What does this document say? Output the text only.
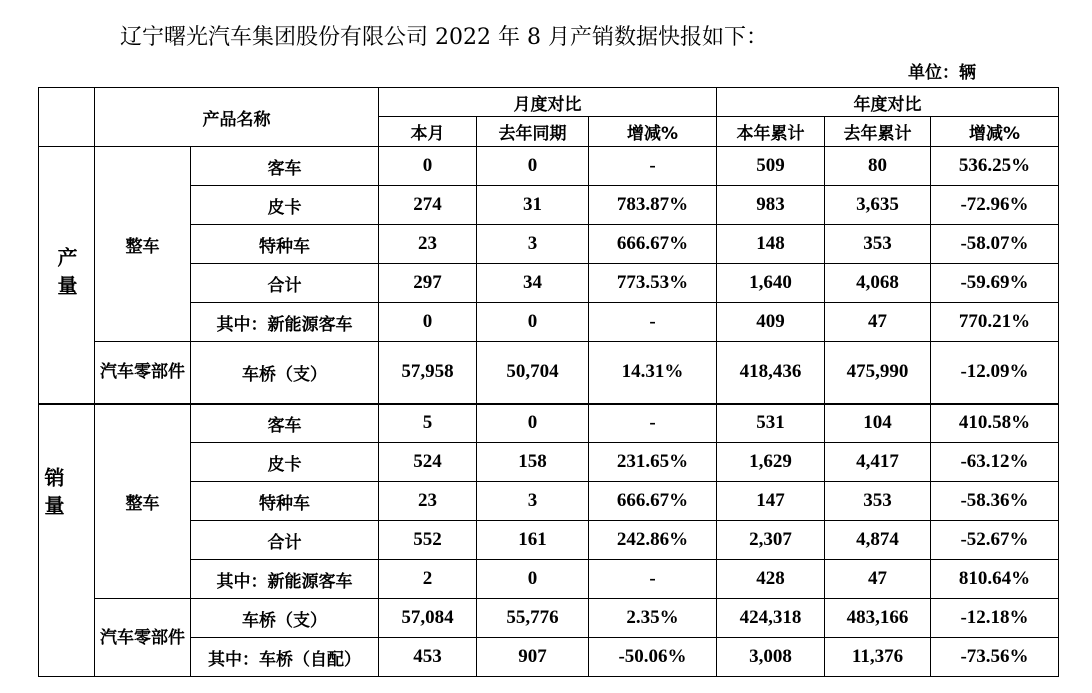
辽宁曙光汽车集团股份有限公司 2022 年 8 月产销数据快报如下：
单位：辆
	产品名称		月度对比			年度对比		
			本月	去年同期	增减%	本年累计	去年累计	增减%
产量	整车	客车	0	0	-	509	80	536.25%
		皮卡	274	31	783.87%	983	3,635	-72.96%
		特种车	23	3	666.67%	148	353	-58.07%
		合计	297	34	773.53%	1,640	4,068	-59.69%
		其中：新能源客车	0	0	-	409	47	770.21%
	汽车零部件	车桥（支）	57,958	50,704	14.31%	418,436	475,990	-12.09%
销量	整车	客车	5	0	-	531	104	410.58%
		皮卡	524	158	231.65%	1,629	4,417	-63.12%
		特种车	23	3	666.67%	147	353	-58.36%
		合计	552	161	242.86%	2,307	4,874	-52.67%
		其中：新能源客车	2	0	-	428	47	810.64%
	汽车零部件	车桥（支）	57,084	55,776	2.35%	424,318	483,166	-12.18%
		其中：车桥（自配）	453	907	-50.06%	3,008	11,376	-73.56%
